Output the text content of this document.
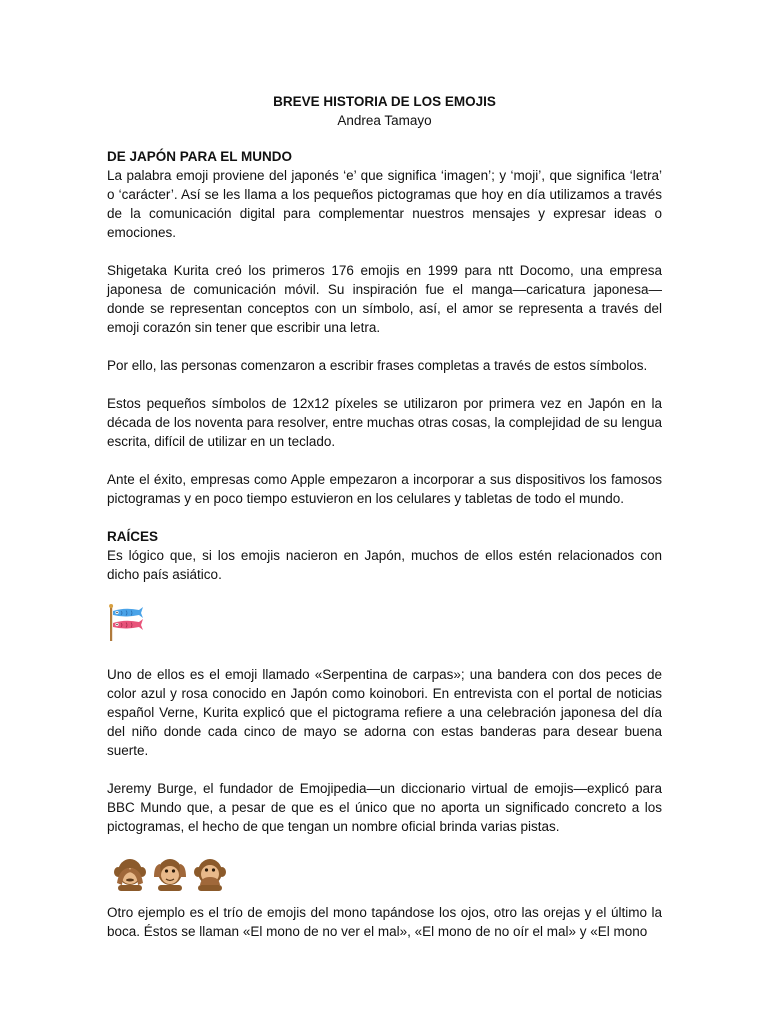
BREVE HISTORIA DE LOS EMOJIS
Andrea Tamayo
DE JAPÓN PARA EL MUNDO

La palabra emoji proviene del japonés ‘e’ que significa ‘imagen’; y ‘moji’, que significa ‘letra’ o ‘carácter’. Así se les llama a los pequeños pictogramas que hoy en día utilizamos a través de la comunicación digital para complementar nuestros mensajes y expresar ideas o emociones.

Shigetaka Kurita creó los primeros 176 emojis en 1999 para ntt Docomo, una empresa japonesa de comunicación móvil. Su inspiración fue el manga—caricatura japonesa— donde se representan conceptos con un símbolo, así, el amor se representa a través del emoji corazón sin tener que escribir una letra.

Por ello, las personas comenzaron a escribir frases completas a través de estos símbolos.

Estos pequeños símbolos de 12x12 píxeles se utilizaron por primera vez en Japón en la década de los noventa para resolver, entre muchas otras cosas, la complejidad de su lengua escrita, difícil de utilizar en un teclado.

Ante el éxito, empresas como Apple empezaron a incorporar a sus dispositivos los famosos pictogramas y en poco tiempo estuvieron en los celulares y tabletas de todo el mundo.

RAÍCES

Es lógico que, si los emojis nacieron en Japón, muchos de ellos estén relacionados con dicho país asiático.

Uno de ellos es el emoji llamado «Serpentina de carpas»; una bandera con dos peces de color azul y rosa conocido en Japón como koinobori. En entrevista con el portal de noticias español Verne, Kurita explicó que el pictograma refiere a una celebración japonesa del día del niño donde cada cinco de mayo se adorna con estas banderas para desear buena suerte.

Jeremy Burge, el fundador de Emojipedia—un diccionario virtual de emojis—explicó para BBC Mundo que, a pesar de que es el único que no aporta un significado concreto a los pictogramas, el hecho de que tengan un nombre oficial brinda varias pistas.

Otro ejemplo es el trío de emojis del mono tapándose los ojos, otro las orejas y el último la boca. Éstos se llaman «El mono de no ver el mal», «El mono de no oír el mal» y «El mono
